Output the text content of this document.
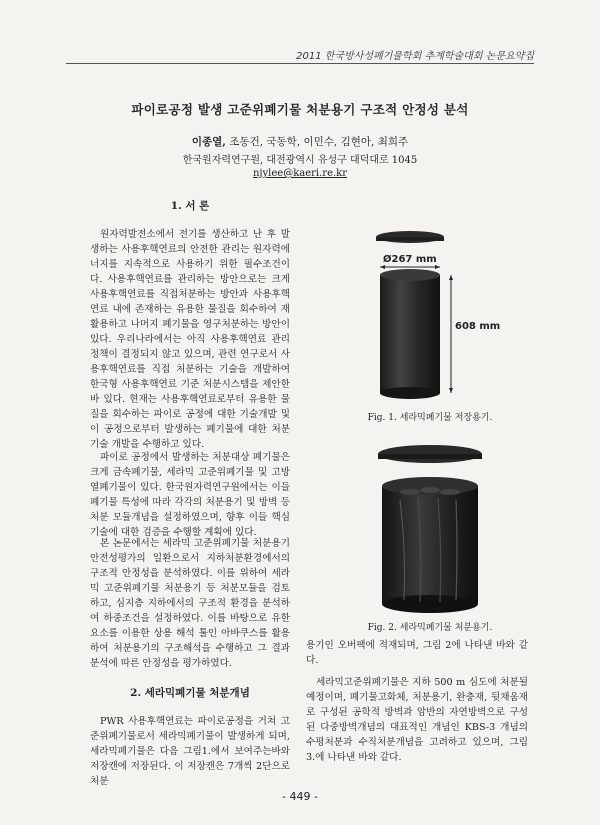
2011 한국방사성폐기물학회 추계학술대회 논문요약집
파이로공정 발생 고준위폐기물 처분용기 구조적 안정성 분석
이종열, 조동건, 국동학, 이민수, 김현아, 최희주
한국원자력연구원, 대전광역시 유성구 대덕대로 1045
njylee@kaeri.re.kr
1. 서 론

원자력발전소에서 전기를 생산하고 난 후 발생하는 사용후핵연료의 안전한 관리는 원자력에너지를 지속적으로 사용하기 위한 필수조건이다. 사용후핵연료를 관리하는 방안으로는 크게 사용후핵연료를 직접처분하는 방안과 사용후핵연료 내에 존재하는 유용한 물질을 회수하여 재활용하고 나머지 폐기물을 영구처분하는 방안이 있다. 우리나라에서는 아직 사용후핵연료 관리정책이 결정되지 않고 있으며, 관련 연구로서 사용후핵연료를 직접 처분하는 기술을 개발하여 한국형 사용후핵연료 기준 처분시스템을 제안한 바 있다. 현재는 사용후핵연료로부터 유용한 물질을 회수하는 파이로 공정에 대한 기술개발 및 이 공정으로부터 발생하는 폐기물에 대한 처분기술 개발을 수행하고 있다.

파이로 공정에서 발생하는 처분대상 폐기물은 크게 금속폐기물, 세라믹 고준위폐기물 및 고방열폐기물이 있다. 한국원자력연구원에서는 이들 폐기물 특성에 따라 각각의 처분용기 및 방벽 등 처분 모듈개념을 설정하였으며, 향후 이들 핵심기술에 대한 검증을 수행할 계획에 있다.

본 논문에서는 세라믹 고준위폐기물 처분용기 안전성평가의 일환으로서 지하처분환경에서의 구조적 안정성을 분석하였다. 이를 위하여 세라믹 고준위폐기물 처분용기 등 처분모듈을 검토하고, 심지층 지하에서의 구조적 환경을 분석하여 하중조건을 설정하였다. 이를 바탕으로 유한요소를 이용한 상용 해석 툴인 아바쿠스를 활용하여 처분용기의 구조해석을 수행하고 그 결과 분석에 따른 안정성을 평가하였다.

2. 세라믹폐기물 처분개념

PWR 사용후핵연료는 파이로공정을 거쳐 고준위폐기물로서 세라믹폐기물이 발생하게 되며, 세라믹폐기물은 다음 그림1.에서 보여주는바와 저장캔에 저장된다. 이 저장캔은 7개씩 2단으로 처분

Ø267 mm
608 mm
Fig. 1. 세라믹폐기물 저장용기.
Fig. 2. 세라믹폐기물 처분용기.

용기인 오버팩에 적재되며, 그림 2에 나타낸 바와 같다.

세라믹고준위폐기물은 지하 500 m 심도에 처분될 예정이며, 폐기물고화체, 처분용기, 완충재, 뒷채움재로 구성된 공학적 방벽과 암반의 자연방벽으로 구성된 다중방벽개념의 대표적인 개념인 KBS-3 개념의 수평처분과 수직처분개념을 고려하고 있으며, 그림 3.에 나타낸 바와 같다.

- 449 -
